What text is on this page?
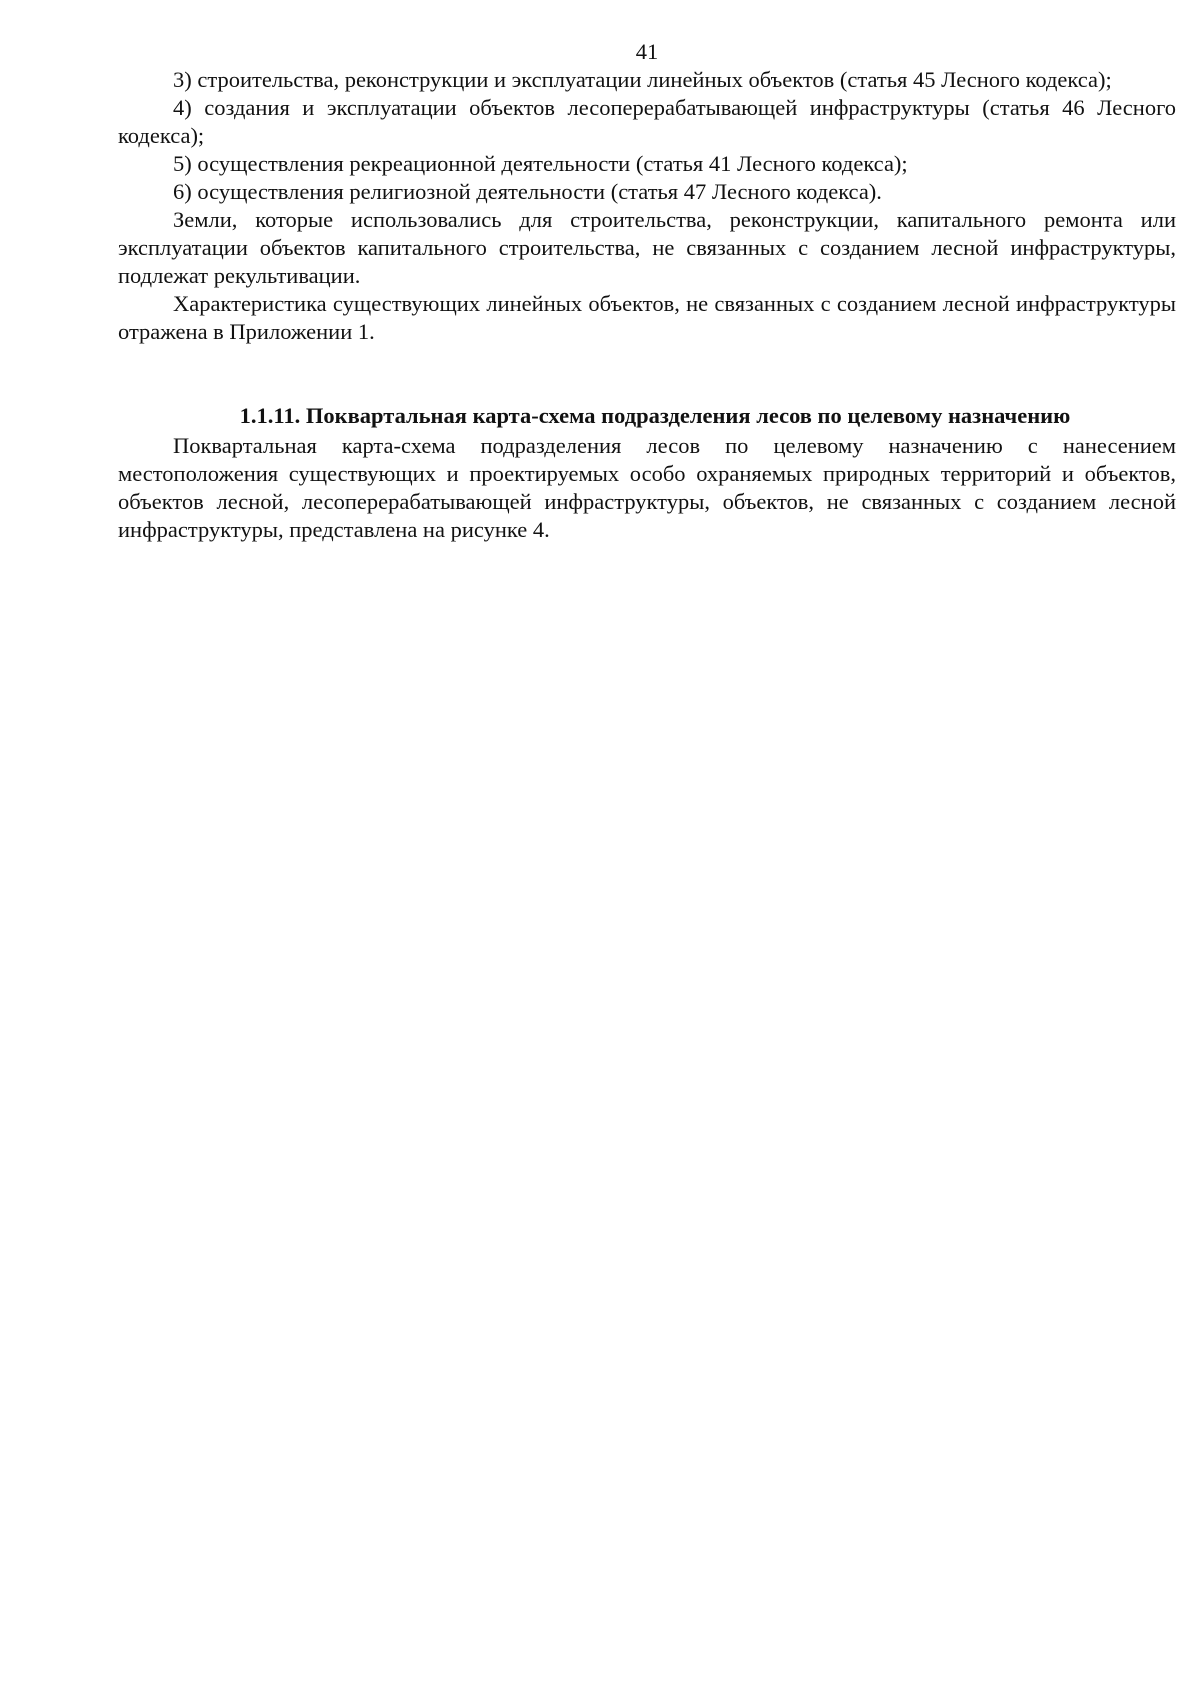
41

3) строительства, реконструкции и эксплуатации линейных объектов (статья 45 Лесного кодекса);

4) создания и эксплуатации объектов лесоперерабатывающей инфраструктуры (статья 46 Лесного кодекса);

5) осуществления рекреационной деятельности (статья 41 Лесного кодекса);

6) осуществления религиозной деятельности (статья 47 Лесного кодекса).

Земли, которые использовались для строительства, реконструкции, капитального ремонта или эксплуатации объектов капитального строительства, не связанных с созданием лесной инфраструктуры, подлежат рекультивации.

Характеристика существующих линейных объектов, не связанных с созданием лесной инфраструктуры отражена в Приложении 1.

1.1.11. Поквартальная карта-схема подразделения лесов по целевому назначению

Поквартальная карта-схема подразделения лесов по целевому назначению с нанесением местоположения существующих и проектируемых особо охраняемых природных территорий и объектов, объектов лесной, лесоперерабатывающей инфраструктуры, объектов, не связанных с созданием лесной инфраструктуры, представлена на рисунке 4.
